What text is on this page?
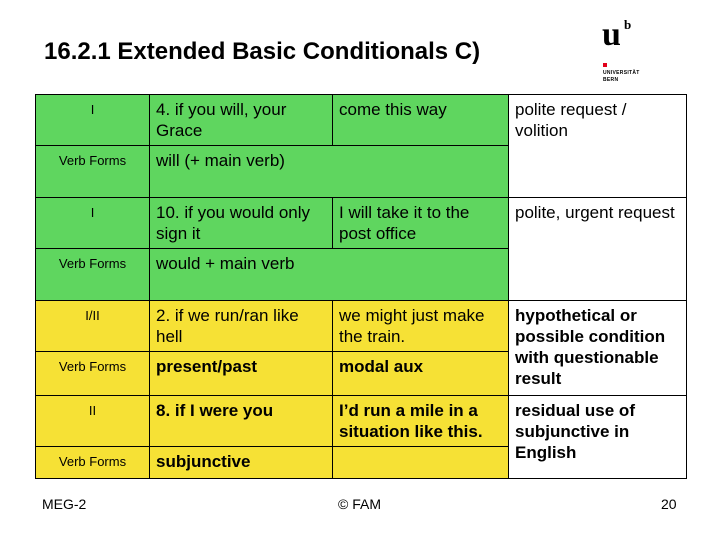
16.2.1 Extended Basic Conditionals C)	u b
UNIVERSITÄT
BERN
I	4. if you will, your Grace	come this way	polite request / volition
Verb Forms	will (+ main verb)		
I	10. if you would only sign it	I will take it to the post office	polite, urgent request
Verb Forms	would + main verb		
I/II	2. if we run/ran like hell	we might just make the train.	hypothetical or possible condition with questionable result
Verb Forms	present/past	modal aux	
II	8. if I were you	I’d run a mile in a situation like this.	residual use of subjunctive in English
Verb Forms	subjunctive		
MEG-2	© FAM	20
